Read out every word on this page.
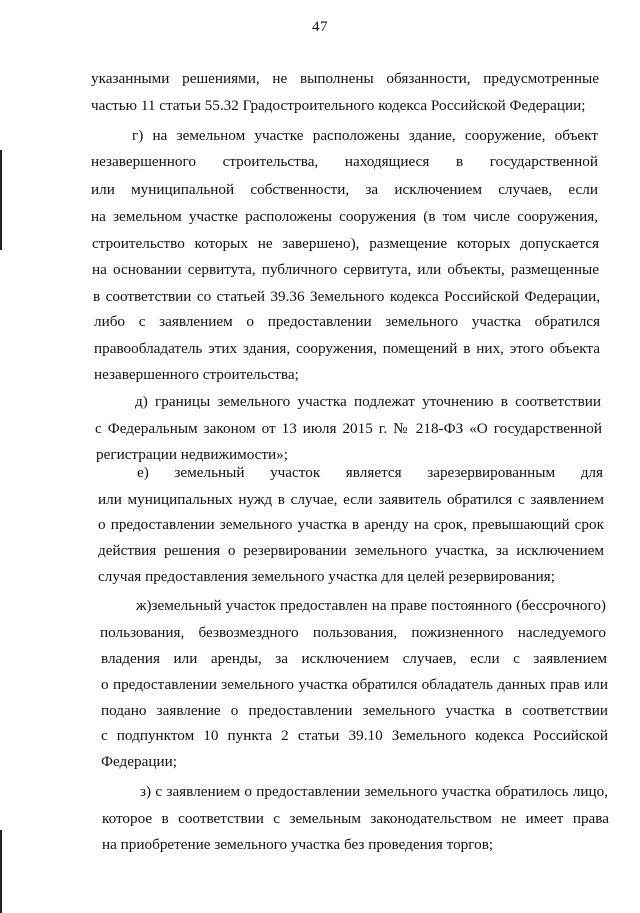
47
указанными решениями, не выполнены обязанности, предусмотренные
частью 11 статьи 55.32 Градостроительного кодекса Российской Федерации;
г) на земельном участке расположены здание, сооружение, объект
незавершенного строительства, находящиеся в государственной
или муниципальной собственности, за исключением случаев, если
на земельном участке расположены сооружения (в том числе сооружения,
строительство которых не завершено), размещение которых допускается
на основании сервитута, публичного сервитута, или объекты, размещенные
в соответствии со статьей 39.36 Земельного кодекса Российской Федерации,
либо с заявлением о предоставлении земельного участка обратился
правообладатель этих здания, сооружения, помещений в них, этого объекта
незавершенного строительства;
д) границы земельного участка подлежат уточнению в соответствии
с Федеральным законом от 13 июля 2015 г. № 218-ФЗ «О государственной
регистрации недвижимости»;
е) земельный участок является зарезервированным для
или муниципальных нужд в случае, если заявитель обратился с заявлением
о предоставлении земельного участка в аренду на срок, превышающий срок
действия решения о резервировании земельного участка, за исключением
случая предоставления земельного участка для целей резервирования;
ж)земельный участок предоставлен на праве постоянного (бессрочного)
пользования, безвозмездного пользования, пожизненного наследуемого
владения или аренды, за исключением случаев, если с заявлением
о предоставлении земельного участка обратился обладатель данных прав или
подано заявление о предоставлении земельного участка в соответствии
с подпунктом 10 пункта 2 статьи 39.10 Земельного кодекса Российской
Федерации;
з) с заявлением о предоставлении земельного участка обратилось лицо,
которое в соответствии с земельным законодательством не имеет права
на приобретение земельного участка без проведения торгов;
